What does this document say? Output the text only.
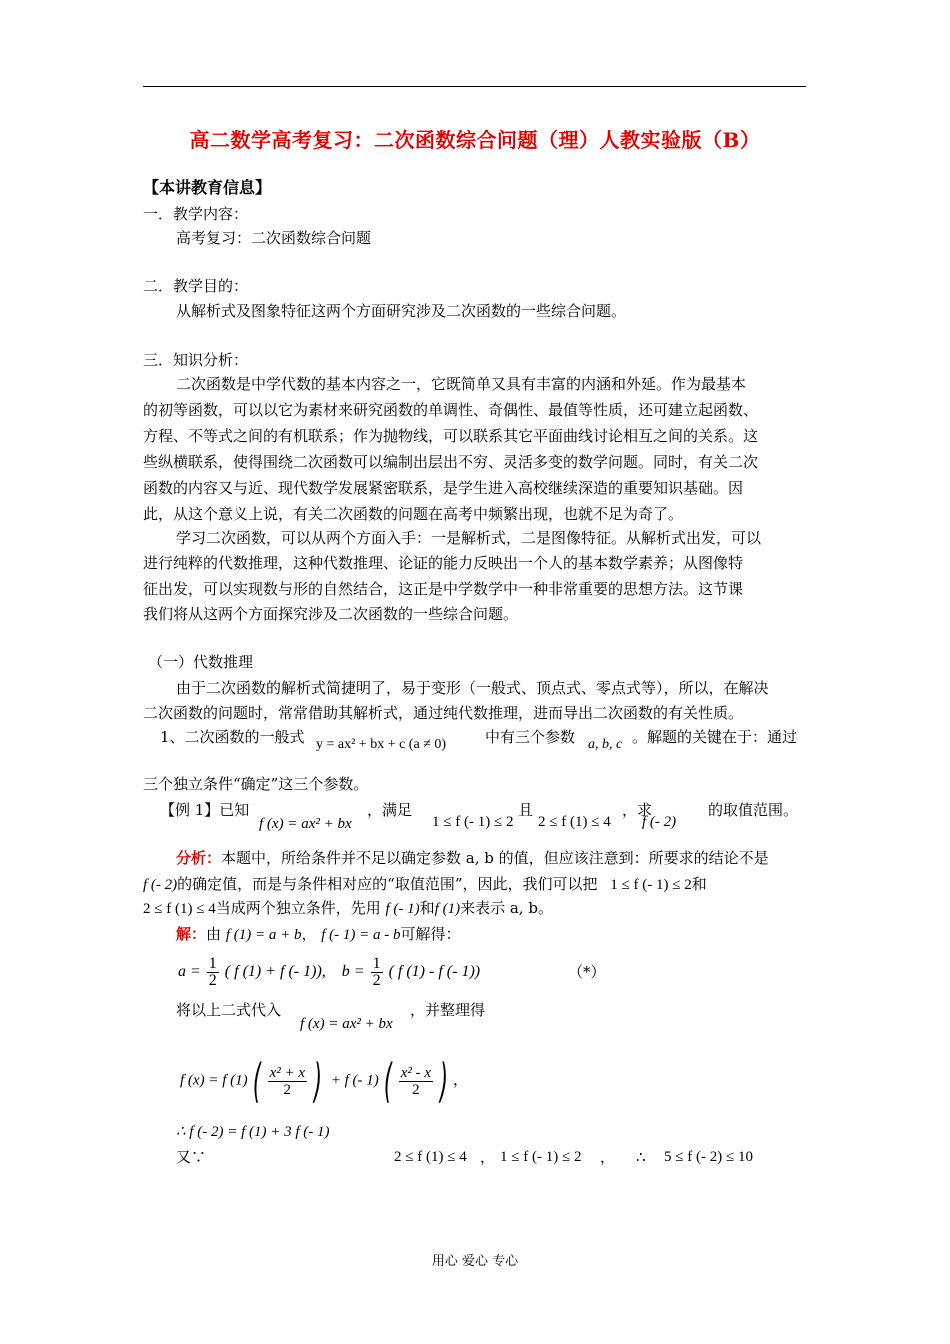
高二数学高考复习：二次函数综合问题（理）人教实验版（B）
【本讲教育信息】
一．教学内容：
高考复习：二次函数综合问题
二．教学目的：
从解析式及图象特征这两个方面研究涉及二次函数的一些综合问题。
三．知识分析：
二次函数是中学代数的基本内容之一，它既简单又具有丰富的内涵和外延。作为最基本
的初等函数，可以以它为素材来研究函数的单调性、奇偶性、最值等性质，还可建立起函数、
方程、不等式之间的有机联系；作为抛物线，可以联系其它平面曲线讨论相互之间的关系。这
些纵横联系，使得围绕二次函数可以编制出层出不穷、灵活多变的数学问题。同时，有关二次
函数的内容又与近、现代数学发展紧密联系，是学生进入高校继续深造的重要知识基础。因
此，从这个意义上说，有关二次函数的问题在高考中频繁出现，也就不足为奇了。
学习二次函数，可以从两个方面入手：一是解析式，二是图像特征。从解析式出发，可以
进行纯粹的代数推理，这种代数推理、论证的能力反映出一个人的基本数学素养；从图像特
征出发，可以实现数与形的自然结合，这正是中学数学中一种非常重要的思想方法。这节课
我们将从这两个方面探究涉及二次函数的一些综合问题。
（一）代数推理
由于二次函数的解析式简捷明了，易于变形（一般式、顶点式、零点式等），所以，在解决
二次函数的问题时，常常借助其解析式，通过纯代数推理，进而导出二次函数的有关性质。
1、二次函数的一般式 y = ax² + bx + c (a ≠ 0)	中有三个参数 a, b, c 。解题的关键在于：通过
三个独立条件“确定”这三个参数。
【例 1】已知
f (x) = ax² + bx
，满足
1 ≤ f (- 1) ≤ 2
且
2 ≤ f (1) ≤ 4
，求
f (- 2)
的取值范围。
分析：本题中，所给条件并不足以确定参数 a, b 的值，但应该注意到：所要求的结论不是
f (- 2)的确定值，而是与条件相对应的“取值范围”，因此，我们可以把 1 ≤ f (- 1) ≤ 2和
2 ≤ f (1) ≤ 4当成两个独立条件，先用 f (- 1)和f (1)来表示 a, b。
解：由 f (1) = a + b， f (- 1) = a - b可解得：
$a = \frac{1}{2}$ ( f (1) + f (- 1)), $b = \frac{1}{2}$ ( f (1) - f (- 1))	（*）
将以上二式代入
f (x) = ax² + bx
，并整理得
f (x) = f (1) ( $\frac{\text{x² + x}}{2}$ ) + f (- 1) ( $\frac{\text{x² - x}}{2}$ ) ，
∴ f (- 2) = f (1) + 3 f (- 1)
又∵	2 ≤ f (1) ≤ 4 ， 1 ≤ f (- 1) ≤ 2 ， ∴ 5 ≤ f (- 2) ≤ 10
用心 爱心 专心
